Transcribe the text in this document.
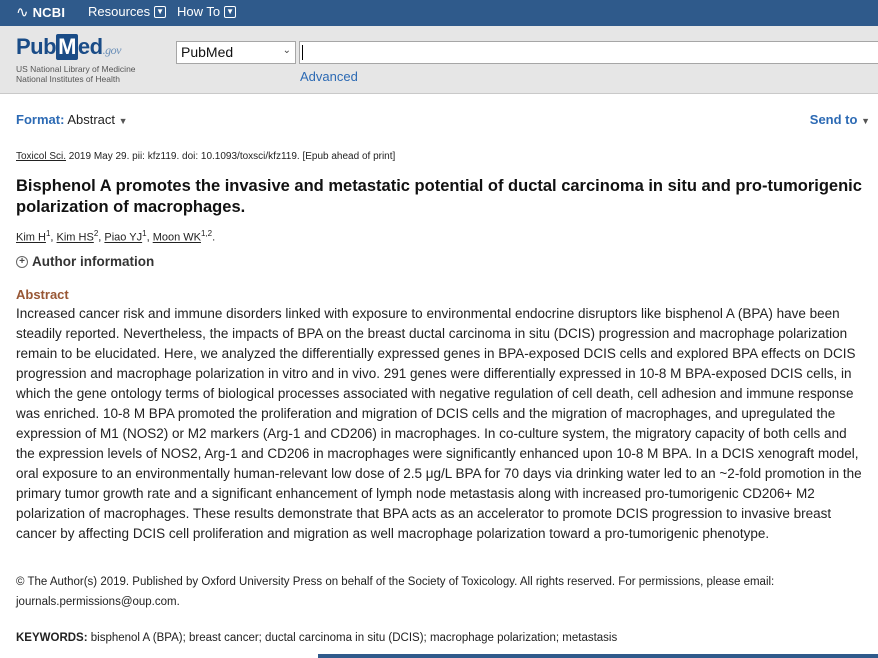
∿ NCBI Resources ▼ How To ▼
PubMed.gov
US National Library of Medicine
National Institutes of Health
PubMed	⌄
Advanced
Format: Abstract ▼	Send to ▼
Toxicol Sci. 2019 May 29. pii: kfz119. doi: 10.1093/toxsci/kfz119. [Epub ahead of print]
Bisphenol A promotes the invasive and metastatic potential of ductal carcinoma in situ and pro-tumorigenic polarization of macrophages.
Kim $H^1$, Kim $HS^2$, Piao $YJ^1$, Moon WK$^{1,2}$.
+ Author information
Abstract

Increased cancer risk and immune disorders linked with exposure to environmental endocrine disruptors like bisphenol A (BPA) have been steadily reported. Nevertheless, the impacts of BPA on the breast ductal carcinoma in situ (DCIS) progression and macrophage polarization remain to be elucidated. Here, we analyzed the differentially expressed genes in BPA-exposed DCIS cells and explored BPA effects on DCIS progression and macrophage polarization in vitro and in vivo. 291 genes were differentially expressed in 10-8 M BPA-exposed DCIS cells, in which the gene ontology terms of biological processes associated with negative regulation of cell death, cell adhesion and immune response was enriched. 10-8 M BPA promoted the proliferation and migration of DCIS cells and the migration of macrophages, and upregulated the expression of M1 (NOS2) or M2 markers (Arg-1 and CD206) in macrophages. In co-culture system, the migratory capacity of both cells and the expression levels of NOS2, Arg-1 and CD206 in macrophages were significantly enhanced upon 10-8 M BPA. In a DCIS xenograft model, oral exposure to an environmentally human-relevant low dose of 2.5 μg/L BPA for 70 days via drinking water led to an ~2-fold promotion in the primary tumor growth rate and a significant enhancement of lymph node metastasis along with increased pro-tumorigenic CD206+ M2 polarization of macrophages. These results demonstrate that BPA acts as an accelerator to promote DCIS progression to invasive breast cancer by affecting DCIS cell proliferation and migration as well macrophage polarization toward a pro-tumorigenic phenotype.

© The Author(s) 2019. Published by Oxford University Press on behalf of the Society of Toxicology. All rights reserved. For permissions, please email: journals.permissions@oup.com.

KEYWORDS: bisphenol A (BPA); breast cancer; ductal carcinoma in situ (DCIS); macrophage polarization; metastasis
